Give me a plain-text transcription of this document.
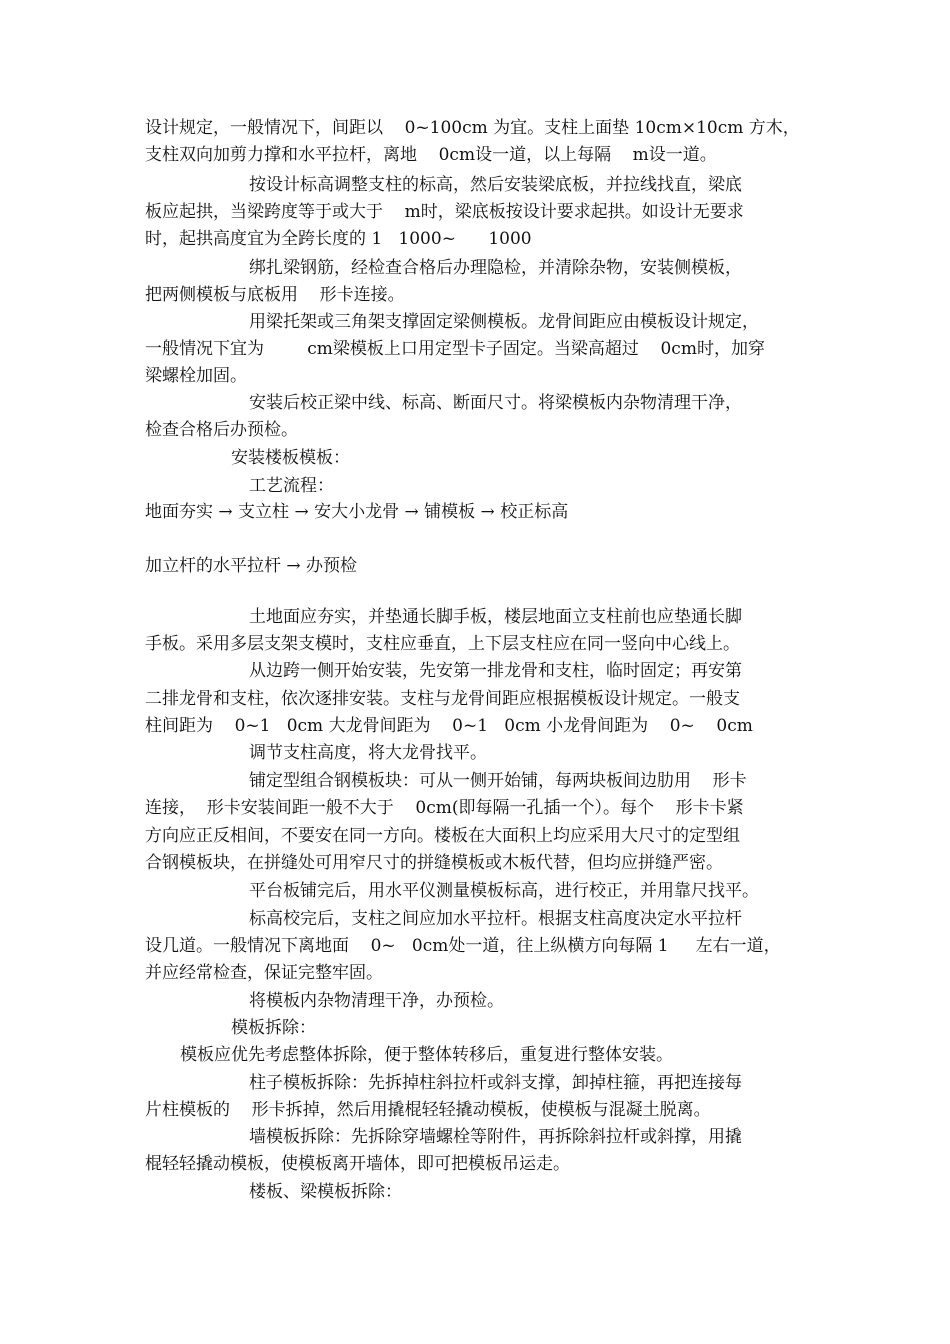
设计规定，一般情况下，间距以    0~100cm 为宜。支柱上面垫 10cm×10cm 方木，
支柱双向加剪力撑和水平拉杆，离地    0cm设一道，以上每隔    m设一道。
按设计标高调整支柱的标高，然后安装梁底板，并拉线找直，梁底
板应起拱，当梁跨度等于或大于    m时，梁底板按设计要求起拱。如设计无要求
时，起拱高度宜为全跨长度的 1   1000~      1000
绑扎梁钢筋，经检查合格后办理隐检，并清除杂物，安装侧模板，
把两侧模板与底板用    形卡连接。
用梁托架或三角架支撑固定梁侧模板。龙骨间距应由模板设计规定，
一般情况下宜为        cm梁模板上口用定型卡子固定。当梁高超过    0cm时，加穿
梁螺栓加固。
安装后校正梁中线、标高、断面尺寸。将梁模板内杂物清理干净，
检查合格后办预检。
安装楼板模板：
工艺流程：
地面夯实 → 支立柱 → 安大小龙骨 → 铺模板 → 校正标高
加立杆的水平拉杆 → 办预检
土地面应夯实，并垫通长脚手板，楼层地面立支柱前也应垫通长脚
手板。采用多层支架支模时，支柱应垂直，上下层支柱应在同一竖向中心线上。
从边跨一侧开始安装，先安第一排龙骨和支柱，临时固定；再安第
二排龙骨和支柱，依次逐排安装。支柱与龙骨间距应根据模板设计规定。一般支
柱间距为    0~1   0cm 大龙骨间距为    0~1   0cm 小龙骨间距为    0~    0cm
调节支柱高度，将大龙骨找平。
铺定型组合钢模板块：可从一侧开始铺，每两块板间边肋用    形卡
连接，  形卡安装间距一般不大于    0cm(即每隔一孔插一个）。每个    形卡卡紧
方向应正反相间，不要安在同一方向。楼板在大面积上均应采用大尺寸的定型组
合钢模板块，在拼缝处可用窄尺寸的拼缝模板或木板代替，但均应拼缝严密。
平台板铺完后，用水平仪测量模板标高，进行校正，并用靠尺找平。
标高校完后，支柱之间应加水平拉杆。根据支柱高度决定水平拉杆
设几道。一般情况下离地面    0~   0cm处一道，往上纵横方向每隔 1     左右一道，
并应经常检查，保证完整牢固。
将模板内杂物清理干净，办预检。
模板拆除：
模板应优先考虑整体拆除，便于整体转移后，重复进行整体安装。
柱子模板拆除：先拆掉柱斜拉杆或斜支撑，卸掉柱箍，再把连接每
片柱模板的    形卡拆掉，然后用撬棍轻轻撬动模板，使模板与混凝土脱离。
墙模板拆除：先拆除穿墙螺栓等附件，再拆除斜拉杆或斜撑，用撬
棍轻轻撬动模板，使模板离开墙体，即可把模板吊运走。
楼板、梁模板拆除：
